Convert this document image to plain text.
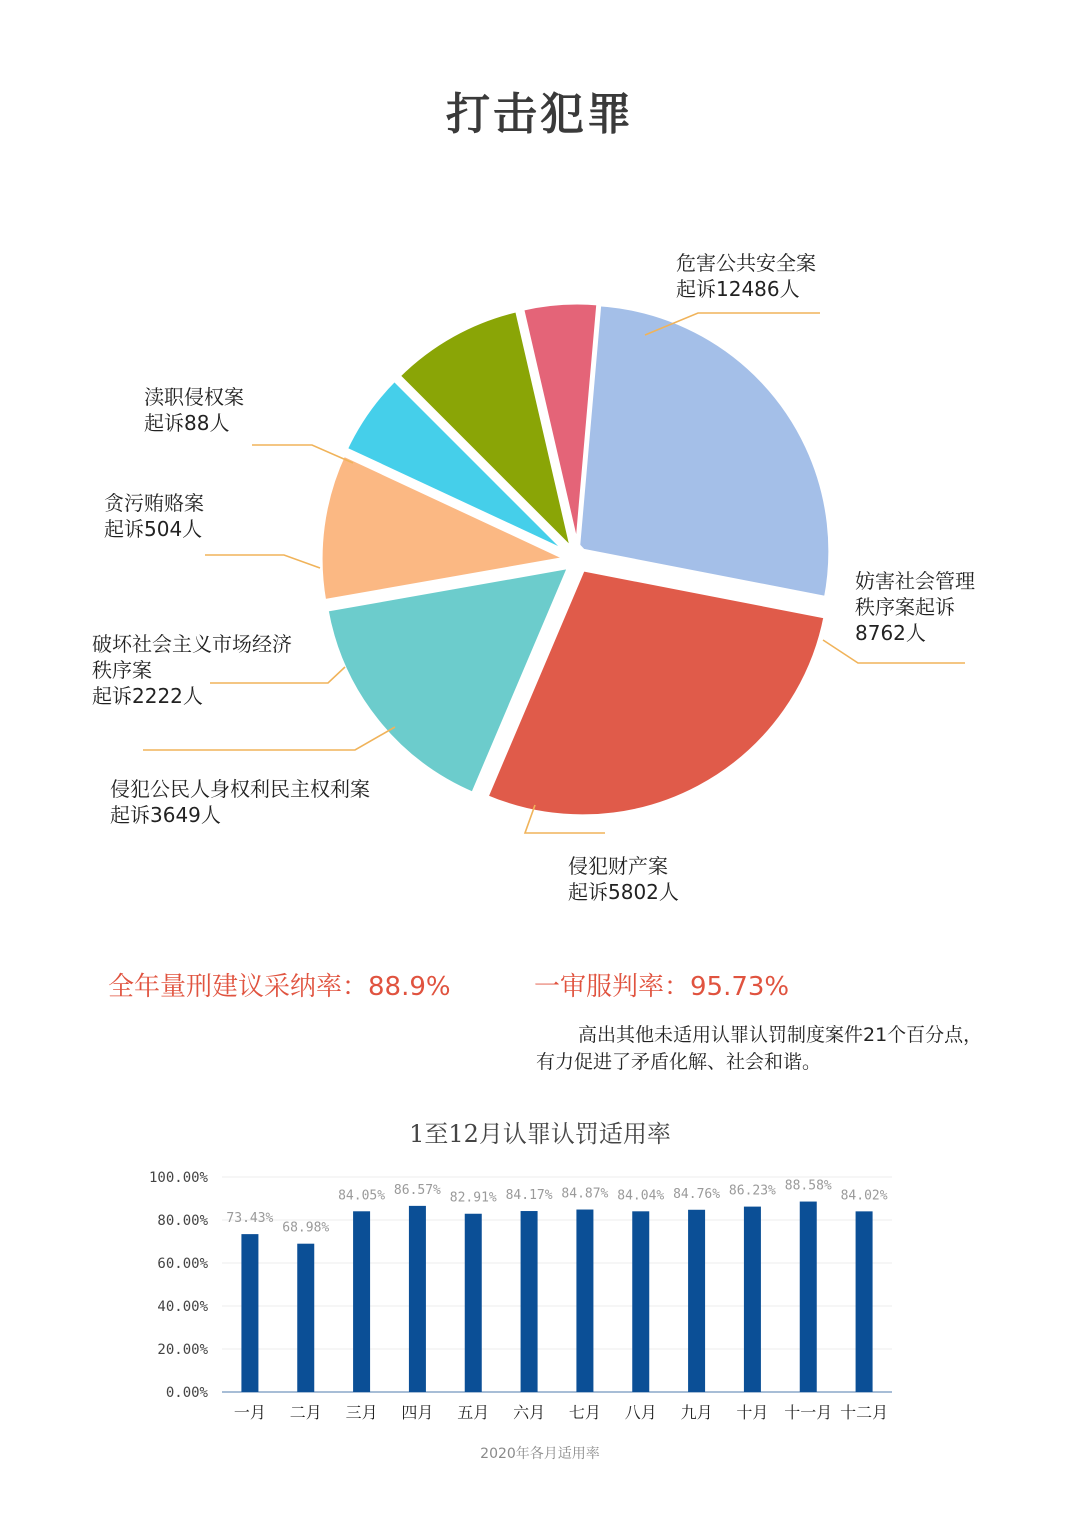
打击犯罪
危害公共安全案
起诉12486人
妨害社会管理
秩序案起诉
8762人
侵犯财产案
起诉5802人
侵犯公民人身权利民主权利案
起诉3649人
破坏社会主义市场经济
秩序案
起诉2222人
贪污贿赂案
起诉504人
渎职侵权案
起诉88人
全年量刑建议采纳率：88.9%	一审服判率：95.73%
高出其他未适用认罪认罚制度案件21个百分点，
有力促进了矛盾化解、社会和谐。
1至12月认罪认罚适用率
0.00%
20.00%
40.00%
60.00%
80.00%
100.00%
73.43%
一月
68.98%
二月
84.05%
三月
86.57%
四月
82.91%
五月
84.17%
六月
84.87%
七月
84.04%
八月
84.76%
九月
86.23%
十月
88.58%
十一月
84.02%
十二月
2020年各月适用率
